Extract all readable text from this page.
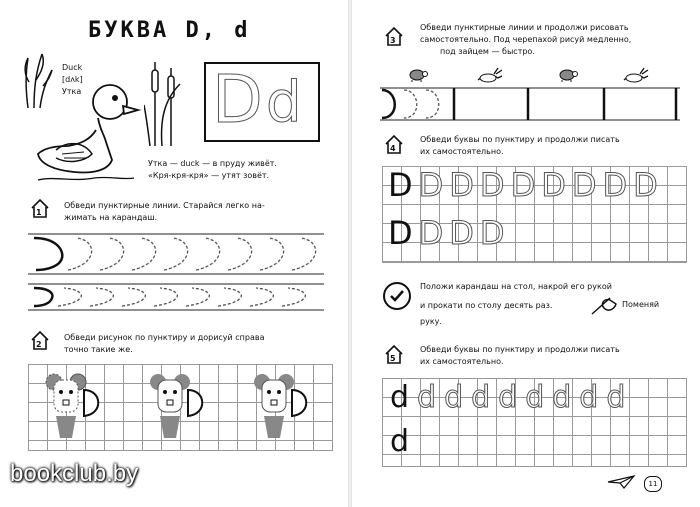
БУКВА D, d
Duck
[dʌk]
Утка D d
Утка — duck — в пруду живёт.
«Кря-кря-кря» — утят зовёт.
1
Обведи пунктирные линии. Старайся легко на-
жимать на карандаш.
2
Обведи рисунок по пунктиру и дорисуй справа
точно такие же.
bookclub.by
3
Обведи пунктирные линии и продолжи рисовать
самостоятельно. Под черепахой рисуй медленно,
под зайцем — быстро.
4
Обведи буквы по пунктиру и продолжи писать
их самостоятельно.
DDDDDDDDD
DDDD
Положи карандаш на стол, накрой его рукой
и прокати по столу десять раз.	Поменяй
руку.
5
Обведи буквы по пунктиру и продолжи писать
их самостоятельно.
ddddddddd
d
11
